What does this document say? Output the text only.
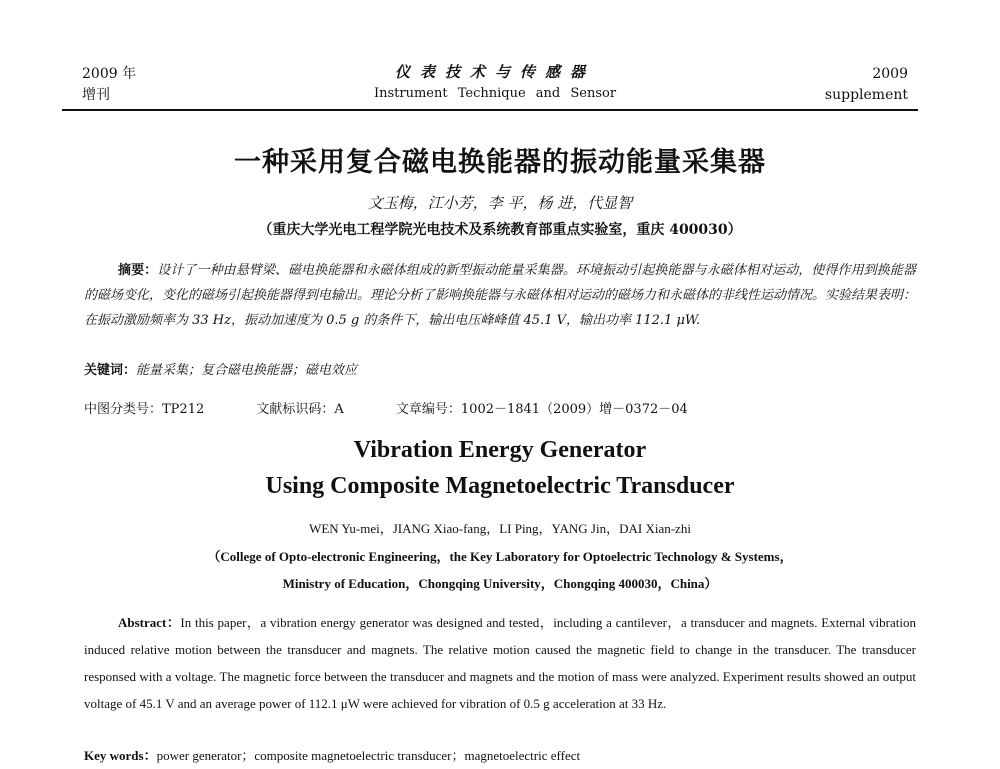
2009 年
增刊
仪表技术与传感器
Instrument Technique and Sensor
2009
supplement
一种采用复合磁电换能器的振动能量采集器
文玉梅，江小芳，李 平，杨 进，代显智
（重庆大学光电工程学院光电技术及系统教育部重点实验室，重庆 400030）
摘要：设计了一种由悬臂梁、磁电换能器和永磁体组成的新型振动能量采集器。环境振动引起换能器与永磁体相对运动，使得作用到换能器的磁场变化，变化的磁场引起换能器得到电输出。理论分析了影响换能器与永磁体相对运动的磁场力和永磁体的非线性运动情况。实验结果表明：在振动激励频率为 33 Hz，振动加速度为 0.5 g 的条件下，输出电压峰峰值 45.1 V，输出功率 112.1 μW.
关键词：能量采集；复合磁电换能器；磁电效应
中图分类号：TP212	文献标识码：A	文章编号：1002－1841（2009）增－0372－04
Vibration Energy Generator
Using Composite Magnetoelectric Transducer
WEN Yu-mei，JIANG Xiao-fang，LI Ping，YANG Jin，DAI Xian-zhi
（College of Opto-electronic Engineering，the Key Laboratory for Optoelectric Technology & Systems，
Ministry of Education，Chongqing University，Chongqing 400030，China）
Abstract：In this paper，a vibration energy generator was designed and tested，including a cantilever，a transducer and magnets. External vibration induced relative motion between the transducer and magnets. The relative motion caused the magnetic field to change in the transducer. The transducer responsed with a voltage. The magnetic force between the transducer and magnets and the motion of mass were analyzed. Experiment results showed an output voltage of 45.1 V and an average power of 112.1 μW were achieved for vibration of 0.5 g acceleration at 33 Hz.
Key words：power generator；composite magnetoelectric transducer；magnetoelectric effect
